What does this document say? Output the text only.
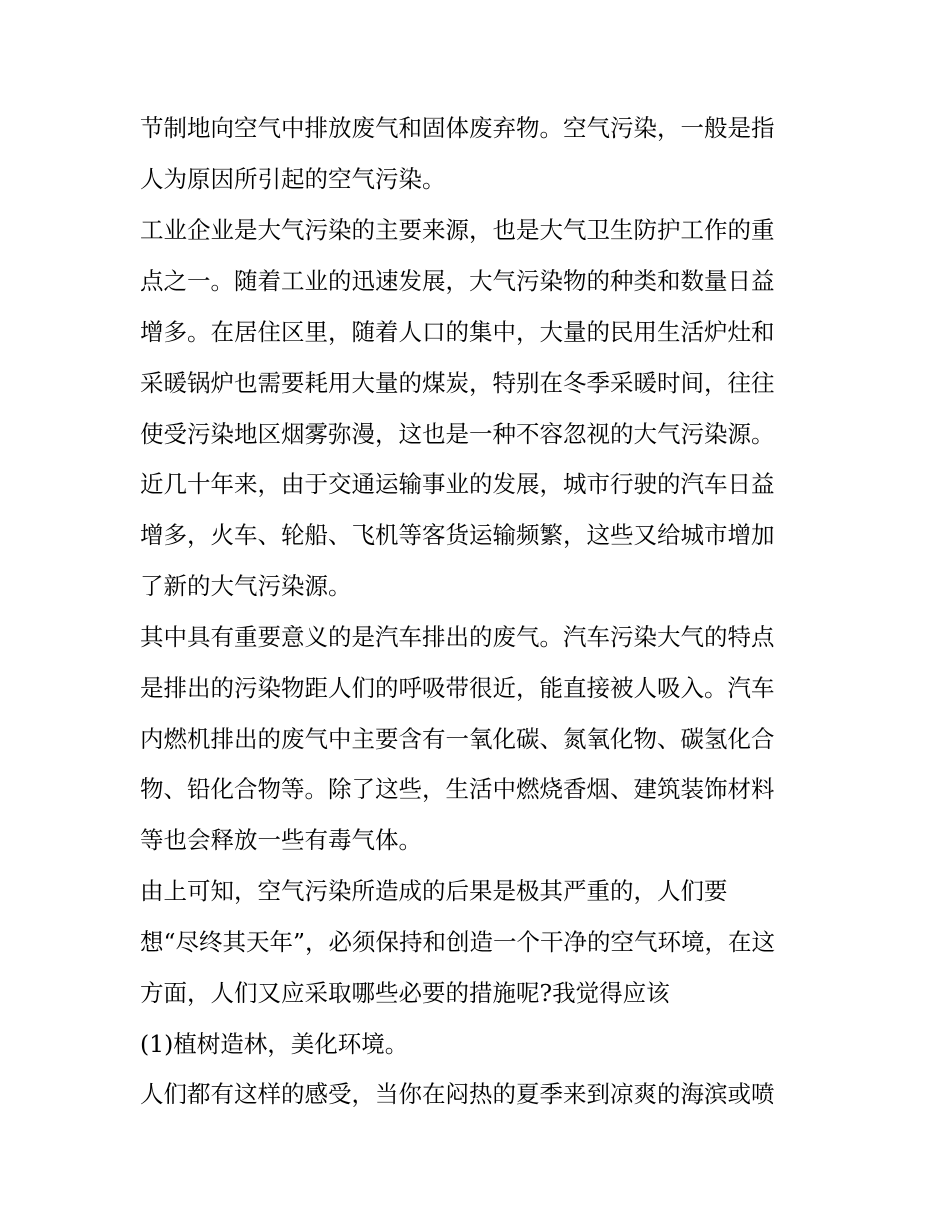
节制地向空气中排放废气和固体废弃物。空气污染，一般是指
人为原因所引起的空气污染。
工业企业是大气污染的主要来源，也是大气卫生防护工作的重
点之一。随着工业的迅速发展，大气污染物的种类和数量日益
增多。在居住区里，随着人口的集中，大量的民用生活炉灶和
采暖锅炉也需要耗用大量的煤炭，特别在冬季采暖时间，往往
使受污染地区烟雾弥漫，这也是一种不容忽视的大气污染源。
近几十年来，由于交通运输事业的发展，城市行驶的汽车日益
增多，火车、轮船、飞机等客货运输频繁，这些又给城市增加
了新的大气污染源。
其中具有重要意义的是汽车排出的废气。汽车污染大气的特点
是排出的污染物距人们的呼吸带很近，能直接被人吸入。汽车
内燃机排出的废气中主要含有一氧化碳、氮氧化物、碳氢化合
物、铅化合物等。除了这些，生活中燃烧香烟、建筑装饰材料
等也会释放一些有毒气体。
由上可知，空气污染所造成的后果是极其严重的，人们要
想“尽终其天年”，必须保持和创造一个干净的空气环境，在这
方面，人们又应采取哪些必要的措施呢?我觉得应该
(1)植树造林，美化环境。
人们都有这样的感受，当你在闷热的夏季来到凉爽的海滨或喷
